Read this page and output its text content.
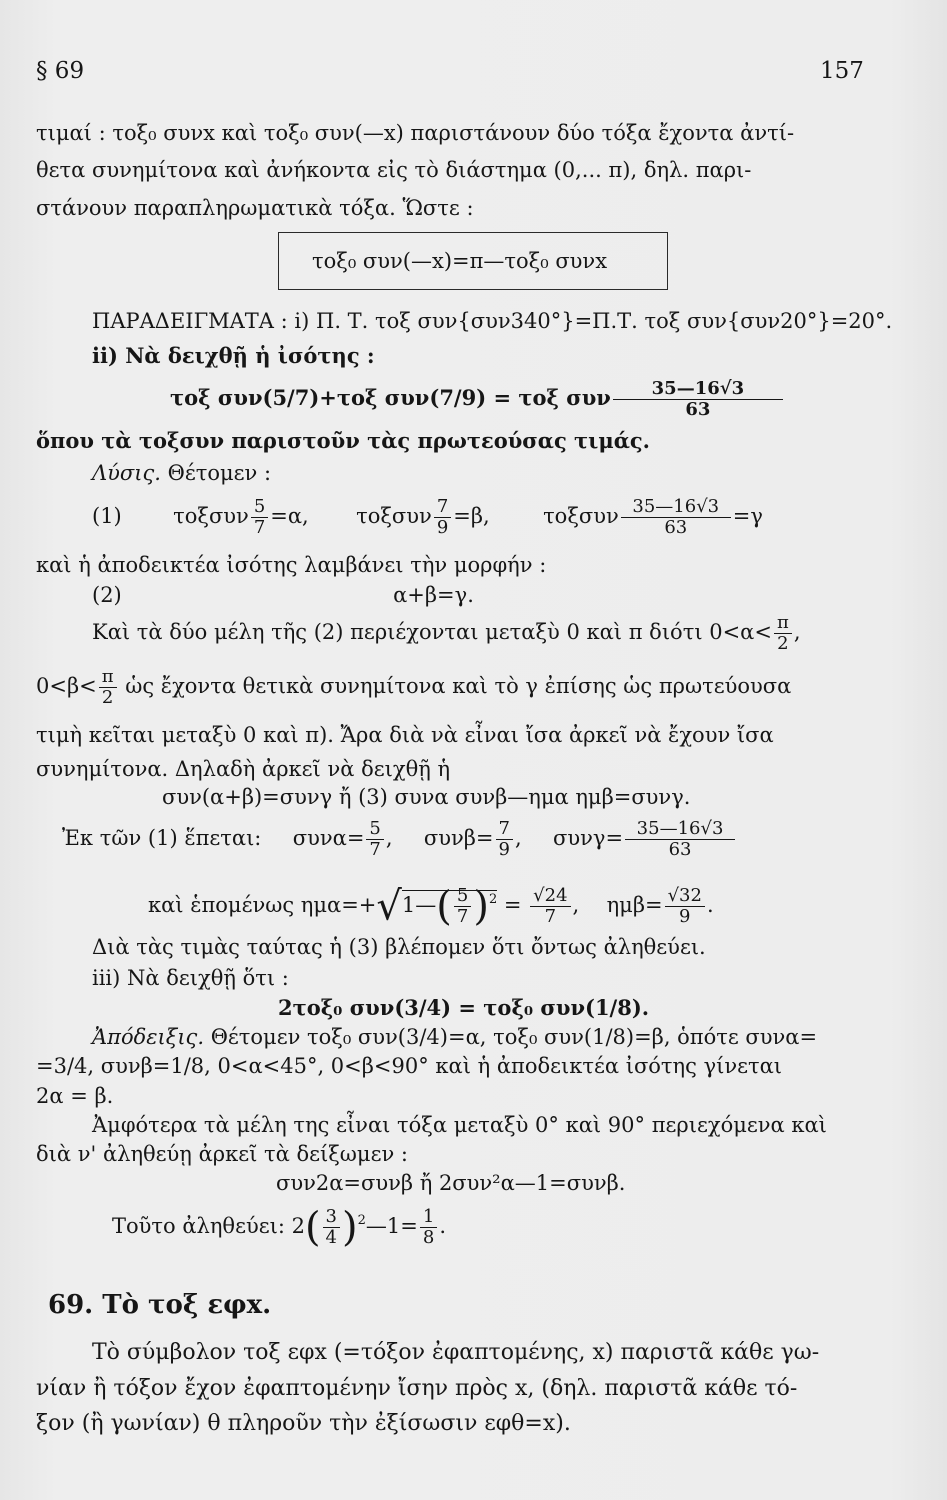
§ 69	157
τιμαί : τοξ₀ συνx καὶ τοξ₀ συν(—x) παριστάνουν δύο τόξα ἔχοντα ἀντί-
θετα συνημίτονα καὶ ἀνήκοντα εἰς τὸ διάστημα (0,... π), δηλ. παρι-
στάνουν παραπληρωματικὰ τόξα. Ὥστε :
τοξ₀ συν(—x)=π—τοξ₀ συνx
ΠΑΡΑΔΕΙΓΜΑΤΑ : i) Π. Τ. τοξ συν{συν340°}=Π.Τ. τοξ συν{συν20°}=20°.
ii) Νὰ δειχθῇ ἡ ἰσότης :
τοξ συν(5/7)+τοξ συν(7/9) = τοξ συν $\frac{35—16√3}{63}$
ὅπου τὰ τοξσυν παριστοῦν τὰς πρωτεούσας τιμάς.
Λύσις. Θέτομεν :
(1) τοξσυν $\frac{5}{7} =\alpha$, τοξσυν $\frac{7}{9} =\beta$,	τοξσυν $\frac{35—16√3}{63} =\gamma$
καὶ ἡ ἀποδεικτέα ἰσότης λαμβάνει τὴν μορφήν :
(2)	α+β=γ.
Καὶ τὰ δύο μέλη τῆς (2) περιέχονται μεταξὺ 0 καὶ π διότι $0<\alpha< \frac{\pi}{2}$ ,
$0<\beta< \frac{\pi}{2}$ ὡς ἔχοντα θετικὰ συνημίτονα καὶ τὸ γ ἐπίσης ὡς πρωτεύουσα
τιμὴ κεῖται μεταξὺ 0 καὶ π). Ἄρα διὰ νὰ εἶναι ἴσα ἀρκεῖ νὰ ἔχουν ἴσα
συνημίτονα. Δηλαδὴ ἀρκεῖ νὰ δειχθῇ ἡ
συν(α+β)=συνγ ἤ (3) συνα συνβ—ημα ημβ=συνγ.
Ἐκ τῶν (1) ἕπεται: $\sigma\upsilon\nu\alpha= \frac{5}{7}$ ,  $\sigma\upsilon\nu\beta= \frac{7}{9}$ ,  $\sigma\upsilon\nu\gamma= \frac{35—16√3}{63}$
καὶ ἑπομένως ημα=+√1—( $\frac{5}{7} )^2 = \frac{√24}{7}$ ,  $\eta\mu\beta= \frac{√32}{9}$ .
Διὰ τὰς τιμὰς ταύτας ἡ (3) βλέπομεν ὅτι ὄντως ἀληθεύει.
iii) Νὰ δειχθῇ ὅτι :
2τοξ₀ συν(3/4) = τοξ₀ συν(1/8).
Ἀπόδειξις. Θέτομεν τοξ₀ συν(3/4)=α, τοξ₀ συν(1/8)=β, ὁπότε συνα=
=3/4, συνβ=1/8, 0<α<45°, 0<β<90° καὶ ἡ ἀποδεικτέα ἰσότης γίνεται
2α = β.
Ἀμφότερα τὰ μέλη της εἶναι τόξα μεταξὺ 0° καὶ 90° περιεχόμενα καὶ
διὰ ν' ἀληθεύῃ ἀρκεῖ τὰ δείξωμεν :
συν2α=συνβ ἤ 2συν²α—1=συνβ.
Τοῦτο ἀληθεύει: $2( \frac{3}{4}$ )$^2—1= \frac{1}{8}$ .
69. Τὸ τοξ εφx.
Τὸ σύμβολον τοξ εφx (=τόξον ἐφαπτομένης, x) παριστᾶ κάθε γω-
νίαν ἢ τόξον ἔχον ἐφαπτομένην ἴσην πρὸς x, (δηλ. παριστᾶ κάθε τό-
ξον (ἢ γωνίαν) θ πληροῦν τὴν ἐξίσωσιν εφθ=x).
